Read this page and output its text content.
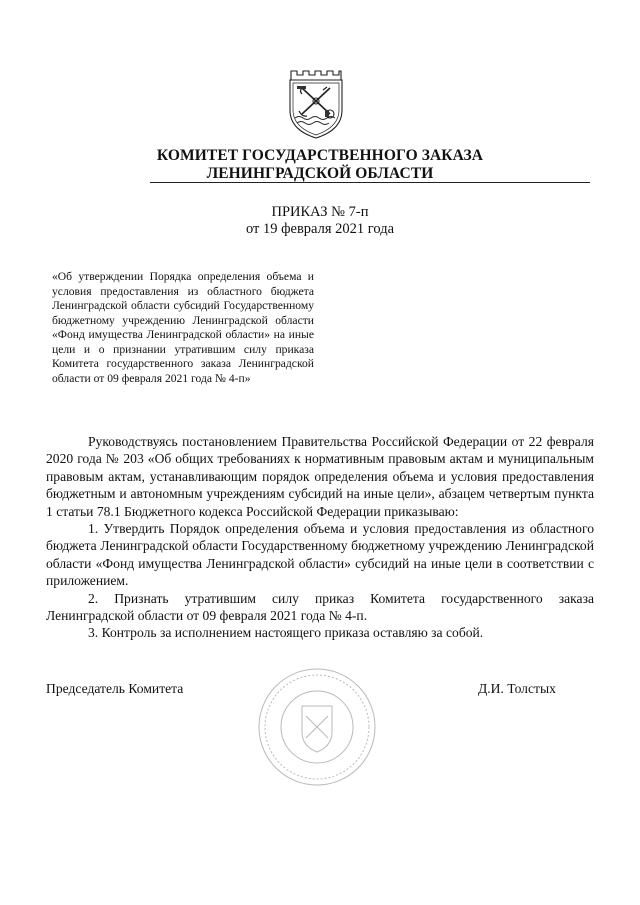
КОМИТЕТ ГОСУДАРСТВЕННОГО ЗАКАЗА
ЛЕНИНГРАДСКОЙ ОБЛАСТИ
ПРИКАЗ № 7-п
от 19 февраля 2021 года
«Об утверждении Порядка определения объема и условия предоставления из областного бюджета Ленинградской области субсидий Государственному бюджетному учреждению Ленинградской области «Фонд имущества Ленинградской области» на иные цели и о признании утратившим силу приказа Комитета государственного заказа Ленинградской области от 09 февраля 2021 года № 4-п»

Руководствуясь постановлением Правительства Российской Федерации от 22 февраля 2020 года № 203 «Об общих требованиях к нормативным правовым актам и муниципальным правовым актам, устанавливающим порядок определения объема и условия предоставления бюджетным и автономным учреждениям субсидий на иные цели», абзацем четвертым пункта 1 статьи 78.1 Бюджетного кодекса Российской Федерации приказываю:

1. Утвердить Порядок определения объема и условия предоставления из областного бюджета Ленинградской области Государственному бюджетному учреждению Ленинградской области «Фонд имущества Ленинградской области» субсидий на иные цели в соответствии с приложением.

2. Признать утратившим силу приказ Комитета государственного заказа Ленинградской области от 09 февраля 2021 года № 4-п.

3. Контроль за исполнением настоящего приказа оставляю за собой.

Председатель Комитета	Д.И. Толстых
